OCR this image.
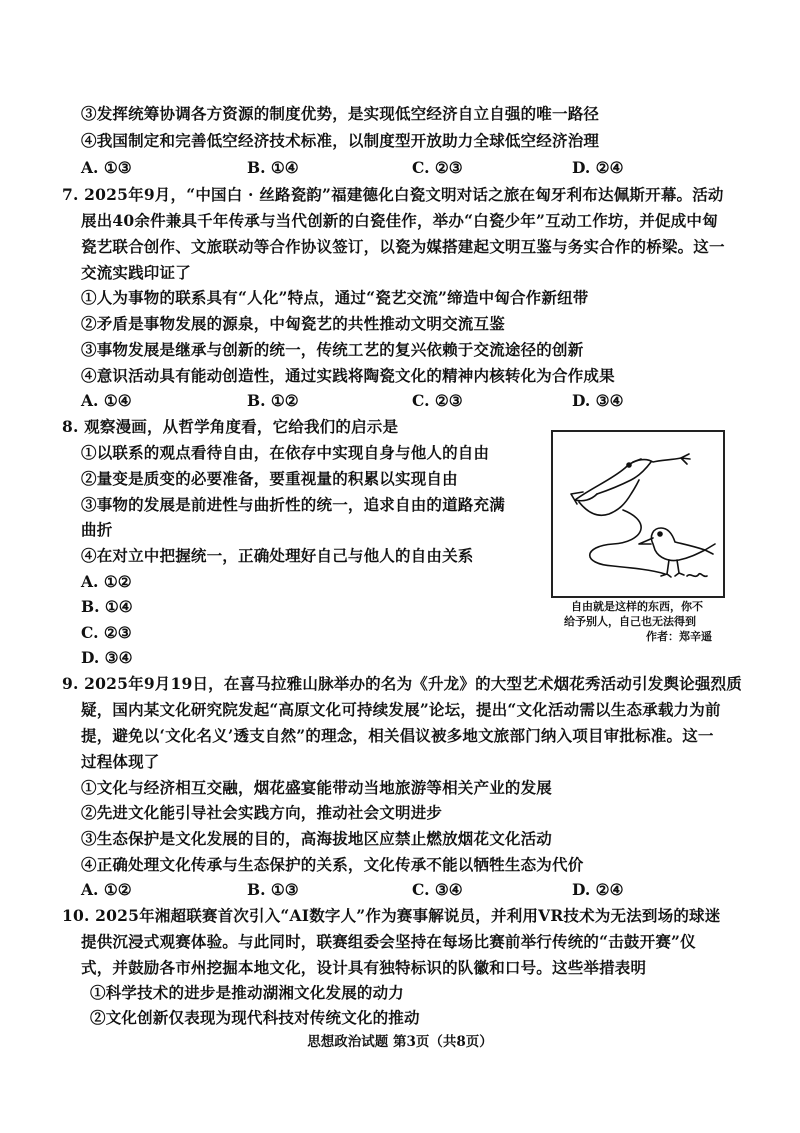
③发挥统筹协调各方资源的制度优势，是实现低空经济自立自强的唯一路径
④我国制定和完善低空经济技术标准，以制度型开放助力全球低空经济治理
A. ①③	B. ①④	C. ②③	D. ②④
7. 2025年9月，“中国白 · 丝路瓷韵”福建德化白瓷文明对话之旅在匈牙利布达佩斯开幕。活动
展出40余件兼具千年传承与当代创新的白瓷佳作，举办“白瓷少年”互动工作坊，并促成中匈
瓷艺联合创作、文旅联动等合作协议签订，以瓷为媒搭建起文明互鉴与务实合作的桥梁。这一
交流实践印证了
①人为事物的联系具有“人化”特点，通过“瓷艺交流”缔造中匈合作新纽带
②矛盾是事物发展的源泉，中匈瓷艺的共性推动文明交流互鉴
③事物发展是继承与创新的统一，传统工艺的复兴依赖于交流途径的创新
④意识活动具有能动创造性，通过实践将陶瓷文化的精神内核转化为合作成果
A. ①④	B. ①②	C. ②③	D. ③④
8. 观察漫画，从哲学角度看，它给我们的启示是
①以联系的观点看待自由，在依存中实现自身与他人的自由
②量变是质变的必要准备，要重视量的积累以实现自由
③事物的发展是前进性与曲折性的统一，追求自由的道路充满
曲折
④在对立中把握统一，正确处理好自己与他人的自由关系
A. ①②
B. ①④
C. ②③
D. ③④
自由就是这样的东西，你不
给予别人，自己也无法得到
作者：郑辛遥
9. 2025年9月19日，在喜马拉雅山脉举办的名为《升龙》的大型艺术烟花秀活动引发舆论强烈质
疑，国内某文化研究院发起“高原文化可持续发展”论坛，提出“文化活动需以生态承载力为前
提，避免以‘文化名义’透支自然”的理念，相关倡议被多地文旅部门纳入项目审批标准。这一
过程体现了
①文化与经济相互交融，烟花盛宴能带动当地旅游等相关产业的发展
②先进文化能引导社会实践方向，推动社会文明进步
③生态保护是文化发展的目的，高海拔地区应禁止燃放烟花文化活动
④正确处理文化传承与生态保护的关系，文化传承不能以牺牲生态为代价
A. ①②	B. ①③	C. ③④	D. ②④
10. 2025年湘超联赛首次引入“AI数字人”作为赛事解说员，并利用VR技术为无法到场的球迷
提供沉浸式观赛体验。与此同时，联赛组委会坚持在每场比赛前举行传统的“击鼓开赛”仪
式，并鼓励各市州挖掘本地文化，设计具有独特标识的队徽和口号。这些举措表明
①科学技术的进步是推动湖湘文化发展的动力
②文化创新仅表现为现代科技对传统文化的推动
思想政治试题 第3页（共8页）
